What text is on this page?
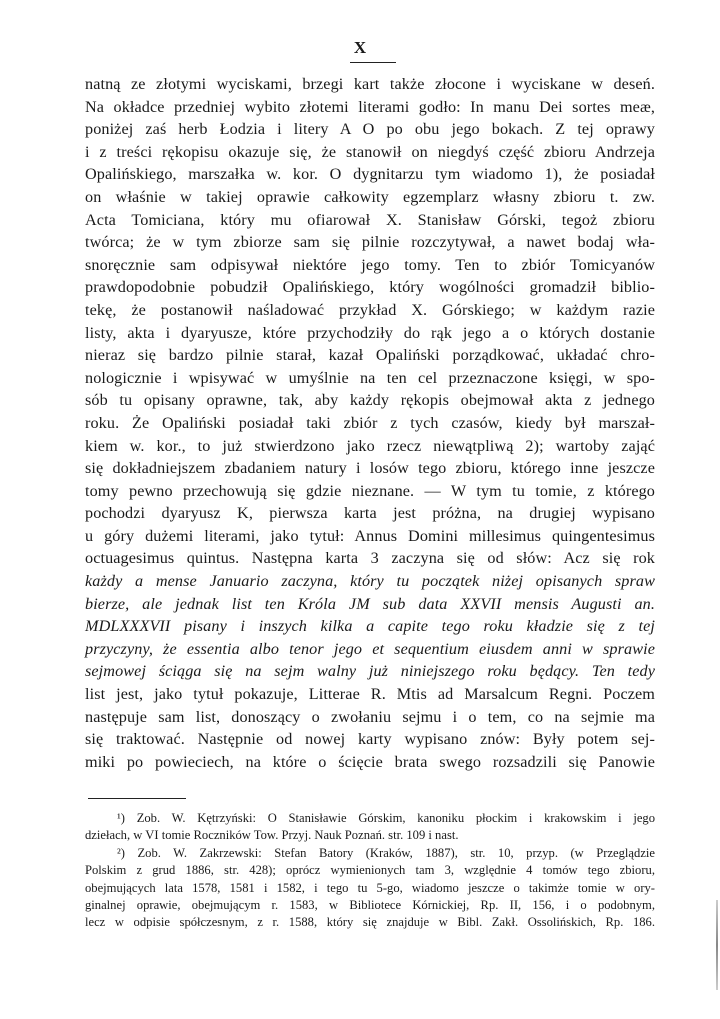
X
natną ze złotymi wyciskami, brzegi kart także złocone i wyciskane w deseń.
Na okładce przedniej wybito złotemi literami godło: In manu Dei sortes meæ,
poniżej zaś herb Łodzia i litery A O po obu jego bokach. Z tej oprawy
i z treści rękopisu okazuje się, że stanowił on niegdyś część zbioru Andrzeja
Opalińskiego, marszałka w. kor. O dygnitarzu tym wiadomo 1), że posiadał
on właśnie w takiej oprawie całkowity egzemplarz własny zbioru t. zw.
Acta Tomiciana, który mu ofiarował X. Stanisław Górski, tegoż zbioru
twórca; że w tym zbiorze sam się pilnie rozczytywał, a nawet bodaj wła-
snoręcznie sam odpisywał niektóre jego tomy. Ten to zbiór Tomicyanów
prawdopodobnie pobudził Opalińskiego, który wogólności gromadził biblio-
tekę, że postanowił naśladować przykład X. Górskiego; w każdym razie
listy, akta i dyaryusze, które przychodziły do rąk jego a o których dostanie
nieraz się bardzo pilnie starał, kazał Opaliński porządkować, układać chro-
nologicznie i wpisywać w umyślnie na ten cel przeznaczone księgi, w spo-
sób tu opisany oprawne, tak, aby każdy rękopis obejmował akta z jednego
roku. Że Opaliński posiadał taki zbiór z tych czasów, kiedy był marszał-
kiem w. kor., to już stwierdzono jako rzecz niewątpliwą 2); wartoby zająć
się dokładniejszem zbadaniem natury i losów tego zbioru, którego inne jeszcze
tomy pewno przechowują się gdzie nieznane. — W tym tu tomie, z którego
pochodzi dyaryusz K, pierwsza karta jest próżna, na drugiej wypisano
u góry dużemi literami, jako tytuł: Annus Domini millesimus quingentesimus
octuagesimus quintus. Następna karta 3 zaczyna się od słów: Acz się rok
każdy a mense Januario zaczyna, który tu początek niżej opisanych spraw
bierze, ale jednak list ten Króla JM sub data XXVII mensis Augusti an.
MDLXXXVII pisany i inszych kilka a capite tego roku kładzie się z tej
przyczyny, że essentia albo tenor jego et sequentium eiusdem anni w sprawie
sejmowej ściąga się na sejm walny już niniejszego roku będący. Ten tedy
list jest, jako tytuł pokazuje, Litterae R. Mtis ad Marsalcum Regni. Poczem
następuje sam list, donoszący o zwołaniu sejmu i o tem, co na sejmie ma
się traktować. Następnie od nowej karty wypisano znów: Były potem sej-
miki po powieciech, na które o ścięcie brata swego rozsadzili się Panowie
¹) Zob. W. Kętrzyński: O Stanisławie Górskim, kanoniku płockim i krakowskim i jego
dziełach, w VI tomie Roczników Tow. Przyj. Nauk Poznań. str. 109 i nast.
²) Zob. W. Zakrzewski: Stefan Batory (Kraków, 1887), str. 10, przyp. (w Przeglądzie
Polskim z grud 1886, str. 428); oprócz wymienionych tam 3, względnie 4 tomów tego zbioru,
obejmujących lata 1578, 1581 i 1582, i tego tu 5-go, wiadomo jeszcze o takimże tomie w ory-
ginalnej oprawie, obejmującym r. 1583, w Bibliotece Kórnickiej, Rp. II, 156, i o podobnym,
lecz w odpisie spółczesnym, z r. 1588, który się znajduje w Bibl. Zakł. Ossolińskich, Rp. 186.
